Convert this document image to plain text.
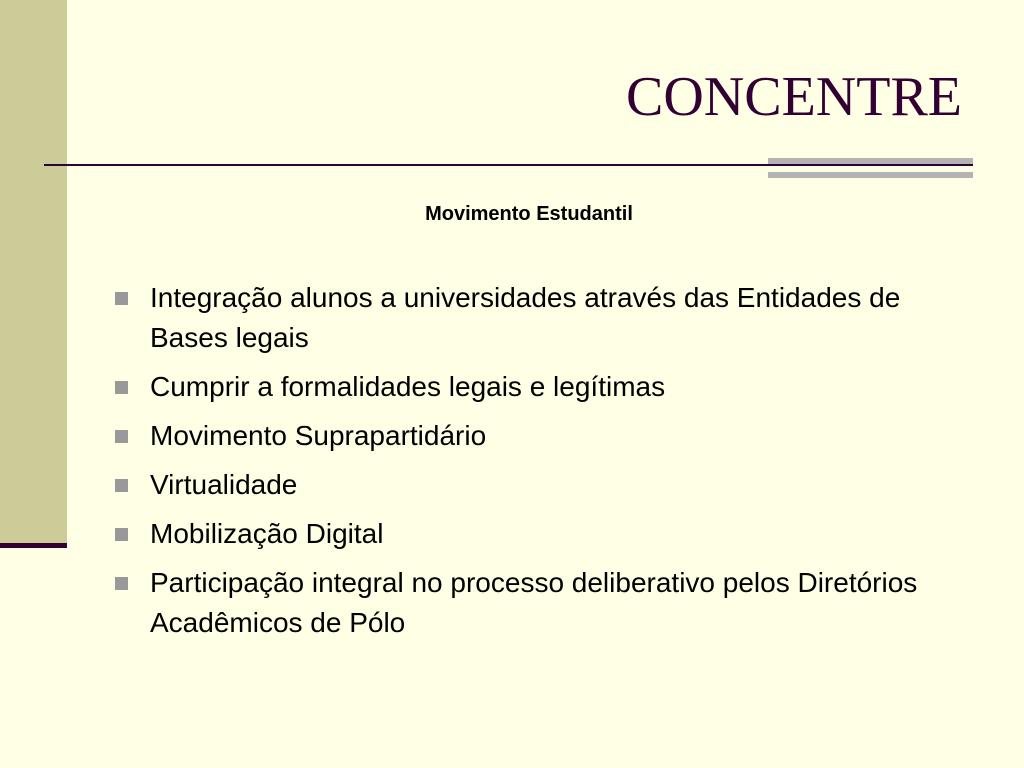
CONCENTRE
Movimento Estudantil
Integração alunos a universidades através das Entidades de Bases legais
Cumprir a formalidades legais e legítimas
Movimento Suprapartidário
Virtualidade
Mobilização Digital
Participação integral no processo deliberativo pelos Diretórios Acadêmicos de Pólo
